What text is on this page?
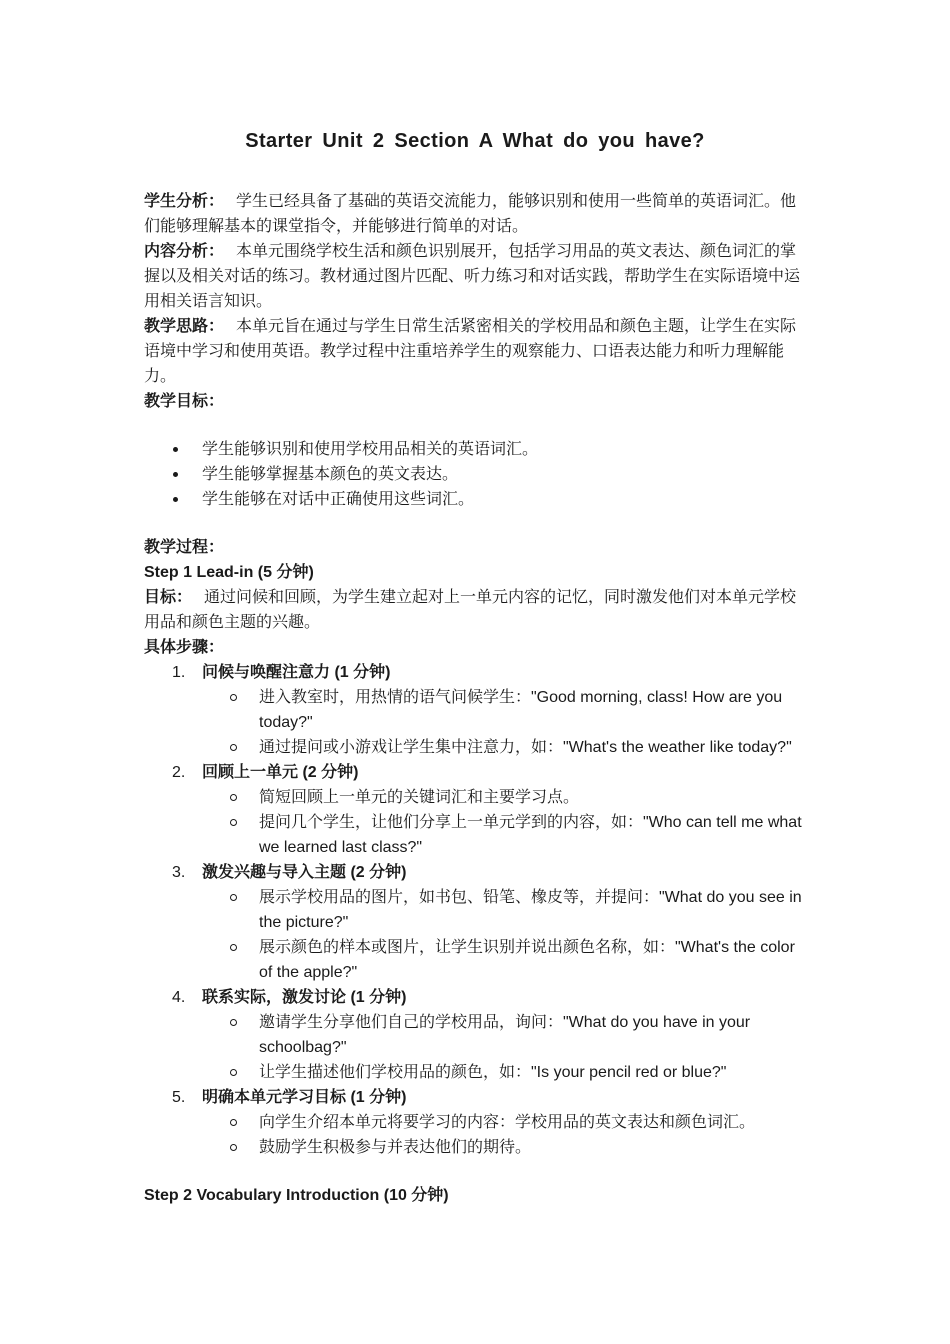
Starter Unit 2 Section A What do you have?

学生分析： 学生已经具备了基础的英语交流能力，能够识别和使用一些简单的英语词汇。他们能够理解基本的课堂指令，并能够进行简单的对话。

内容分析： 本单元围绕学校生活和颜色识别展开，包括学习用品的英文表达、颜色词汇的掌握以及相关对话的练习。教材通过图片匹配、听力练习和对话实践，帮助学生在实际语境中运用相关语言知识。

教学思路： 本单元旨在通过与学生日常生活紧密相关的学校用品和颜色主题，让学生在实际语境中学习和使用英语。教学过程中注重培养学生的观察能力、口语表达能力和听力理解能力。

教学目标：

学生能够识别和使用学校用品相关的英语词汇。
学生能够掌握基本颜色的英文表达。
学生能够在对话中正确使用这些词汇。

教学过程：

Step 1 Lead-in (5 分钟)

目标： 通过问候和回顾，为学生建立起对上一单元内容的记忆，同时激发他们对本单元学校用品和颜色主题的兴趣。

具体步骤：

1. 问候与唤醒注意力 (1 分钟)
进入教室时，用热情的语气问候学生："Good morning, class! How are you today?"
通过提问或小游戏让学生集中注意力，如："What's the weather like today?"
2. 回顾上一单元 (2 分钟)
简短回顾上一单元的关键词汇和主要学习点。
提问几个学生，让他们分享上一单元学到的内容，如："Who can tell me what we learned last class?"
3. 激发兴趣与导入主题 (2 分钟)
展示学校用品的图片，如书包、铅笔、橡皮等，并提问："What do you see in the picture?"
展示颜色的样本或图片，让学生识别并说出颜色名称，如："What's the color of the apple?"
4. 联系实际，激发讨论 (1 分钟)
邀请学生分享他们自己的学校用品，询问："What do you have in your schoolbag?"
让学生描述他们学校用品的颜色，如："Is your pencil red or blue?"
5. 明确本单元学习目标 (1 分钟)
向学生介绍本单元将要学习的内容：学校用品的英文表达和颜色词汇。
鼓励学生积极参与并表达他们的期待。

Step 2 Vocabulary Introduction (10 分钟)
